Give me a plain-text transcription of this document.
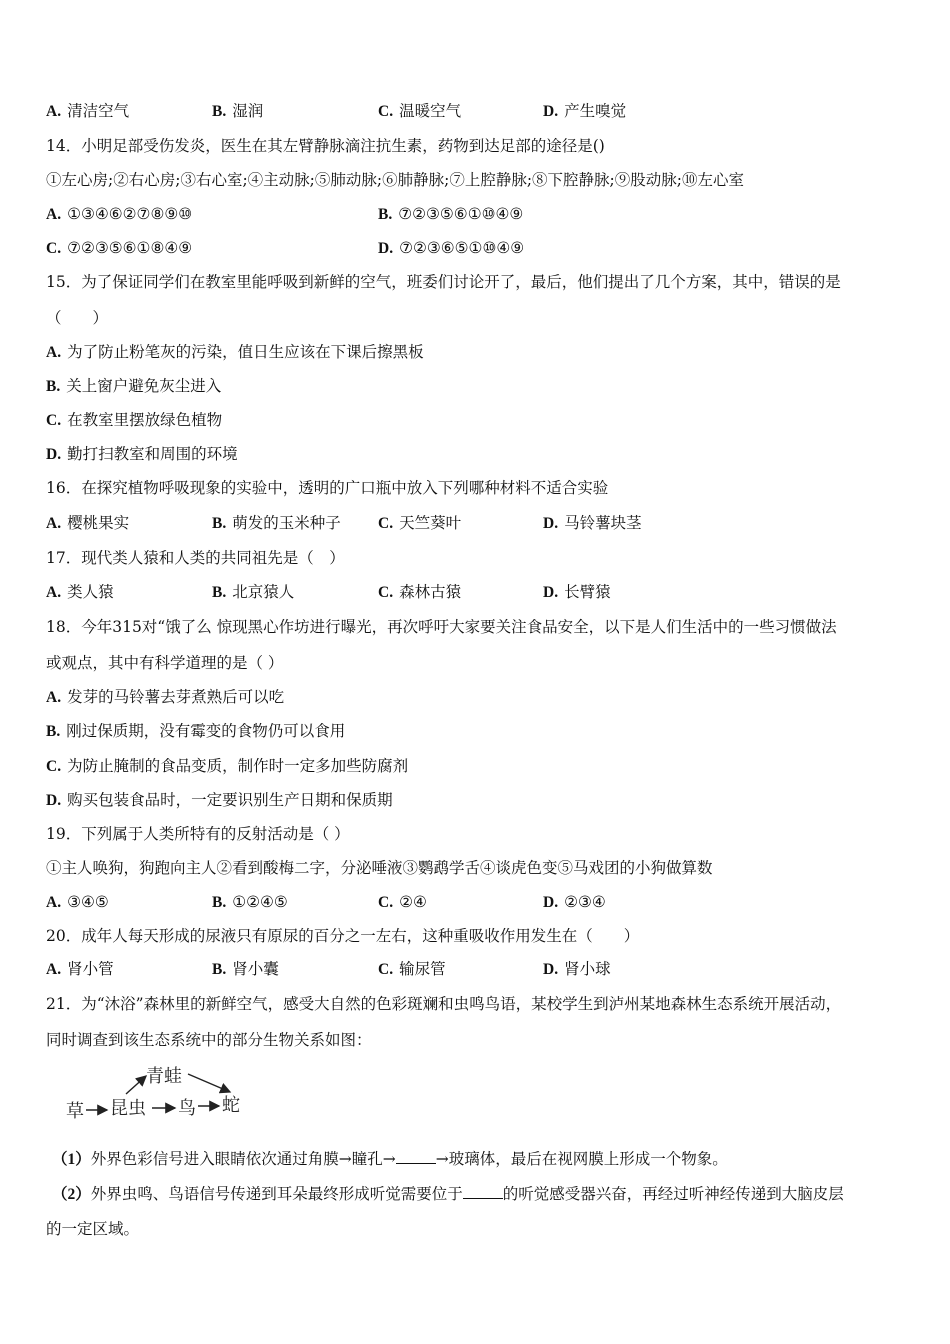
A. 清洁空气	B. 湿润	C. 温暖空气	D. 产生嗅觉
14．小明足部受伤发炎，医生在其左臂静脉滴注抗生素，药物到达足部的途径是()
①左心房;②右心房;③右心室;④主动脉;⑤肺动脉;⑥肺静脉;⑦上腔静脉;⑧下腔静脉;⑨股动脉;⑩左心室
A. ①③④⑥②⑦⑧⑨⑩	B. ⑦②③⑤⑥①⑩④⑨
C. ⑦②③⑤⑥①⑧④⑨	D. ⑦②③⑥⑤①⑩④⑨
15．为了保证同学们在教室里能呼吸到新鲜的空气，班委们讨论开了，最后，他们提出了几个方案，其中，错误的是
（　　）
A. 为了防止粉笔灰的污染，值日生应该在下课后擦黑板
B. 关上窗户避免灰尘进入
C. 在教室里摆放绿色植物
D. 勤打扫教室和周围的环境
16．在探究植物呼吸现象的实验中，透明的广口瓶中放入下列哪种材料不适合实验
A. 樱桃果实	B. 萌发的玉米种子 C. 天竺葵叶	D. 马铃薯块茎
17．现代类人猿和人类的共同祖先是（　）
A. 类人猿	B. 北京猿人	C. 森林古猿	D. 长臂猿
18．今年315对“饿了么 惊现黑心作坊进行曝光，再次呼吁大家要关注食品安全，以下是人们生活中的一些习惯做法
或观点，其中有科学道理的是（ ）
A. 发芽的马铃薯去芽煮熟后可以吃
B. 刚过保质期，没有霉变的食物仍可以食用
C. 为防止腌制的食品变质，制作时一定多加些防腐剂
D. 购买包装食品时，一定要识别生产日期和保质期
19．下列属于人类所特有的反射活动是（ ）
①主人唤狗，狗跑向主人②看到酸梅二字，分泌唾液③鹦鹉学舌④谈虎色变⑤马戏团的小狗做算数
A. ③④⑤	B. ①②④⑤	C. ②④	D. ②③④
20．成年人每天形成的尿液只有原尿的百分之一左右，这种重吸收作用发生在（　　）
A. 肾小管	B. 肾小囊	C. 输尿管	D. 肾小球
21．为“沐浴”森林里的新鲜空气，感受大自然的色彩斑斓和虫鸣鸟语，某校学生到泸州某地森林生态系统开展活动，
同时调查到该生态系统中的部分生物关系如图：
青蛙
草 昆虫 鸟 蛇
（1）外界色彩信号进入眼睛依次通过角膜→瞳孔→	→玻璃体，最后在视网膜上形成一个物象。
（2）外界虫鸣、鸟语信号传递到耳朵最终形成听觉需要位于	的听觉感受器兴奋，再经过听神经传递到大脑皮层
的一定区域。
